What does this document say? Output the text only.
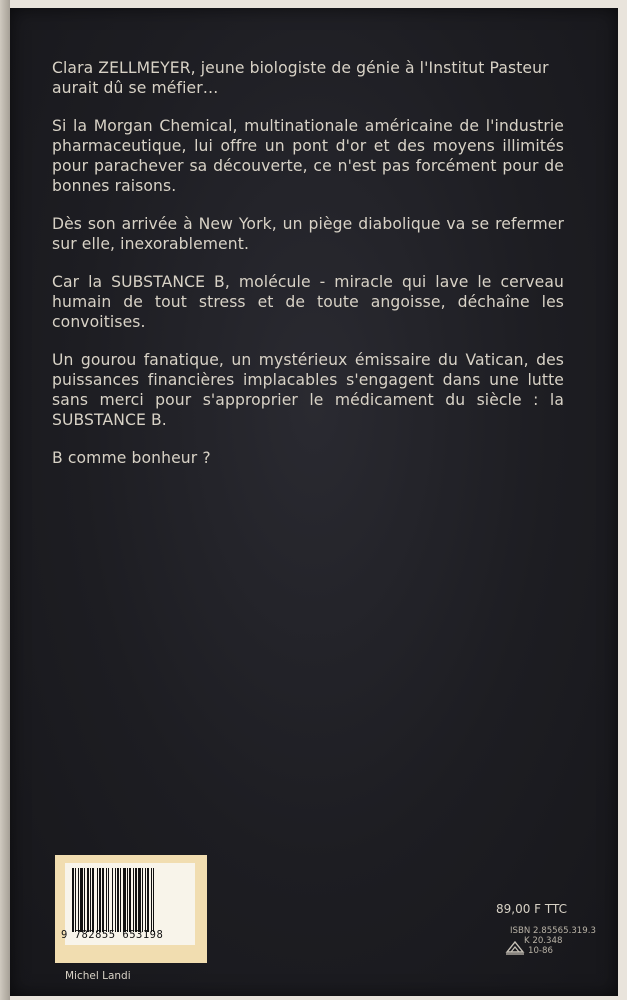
Clara ZELLMEYER, jeune biologiste de génie à l'Institut Pasteur aurait dû se méfier…

Si la Morgan Chemical, multinationale américaine de l'industrie pharmaceutique, lui offre un pont d'or et des moyens illimités pour parachever sa découverte, ce n'est pas forcément pour de bonnes raisons.

Dès son arrivée à New York, un piège diabolique va se refermer sur elle, inexorablement.

Car la SUBSTANCE B, molécule - miracle qui lave le cerveau humain de tout stress et de toute angoisse, déchaîne les convoitises.

Un gourou fanatique, un mystérieux émissaire du Vatican, des puissances financières implacables s'engagent dans une lutte sans merci pour s'approprier le médicament du siècle : la SUBSTANCE B.

B comme bonheur ?

9 782855 653198
Michel Landi
89,00 F TTC
ISBN 2.85565.319.3
K 20.348
10-86
